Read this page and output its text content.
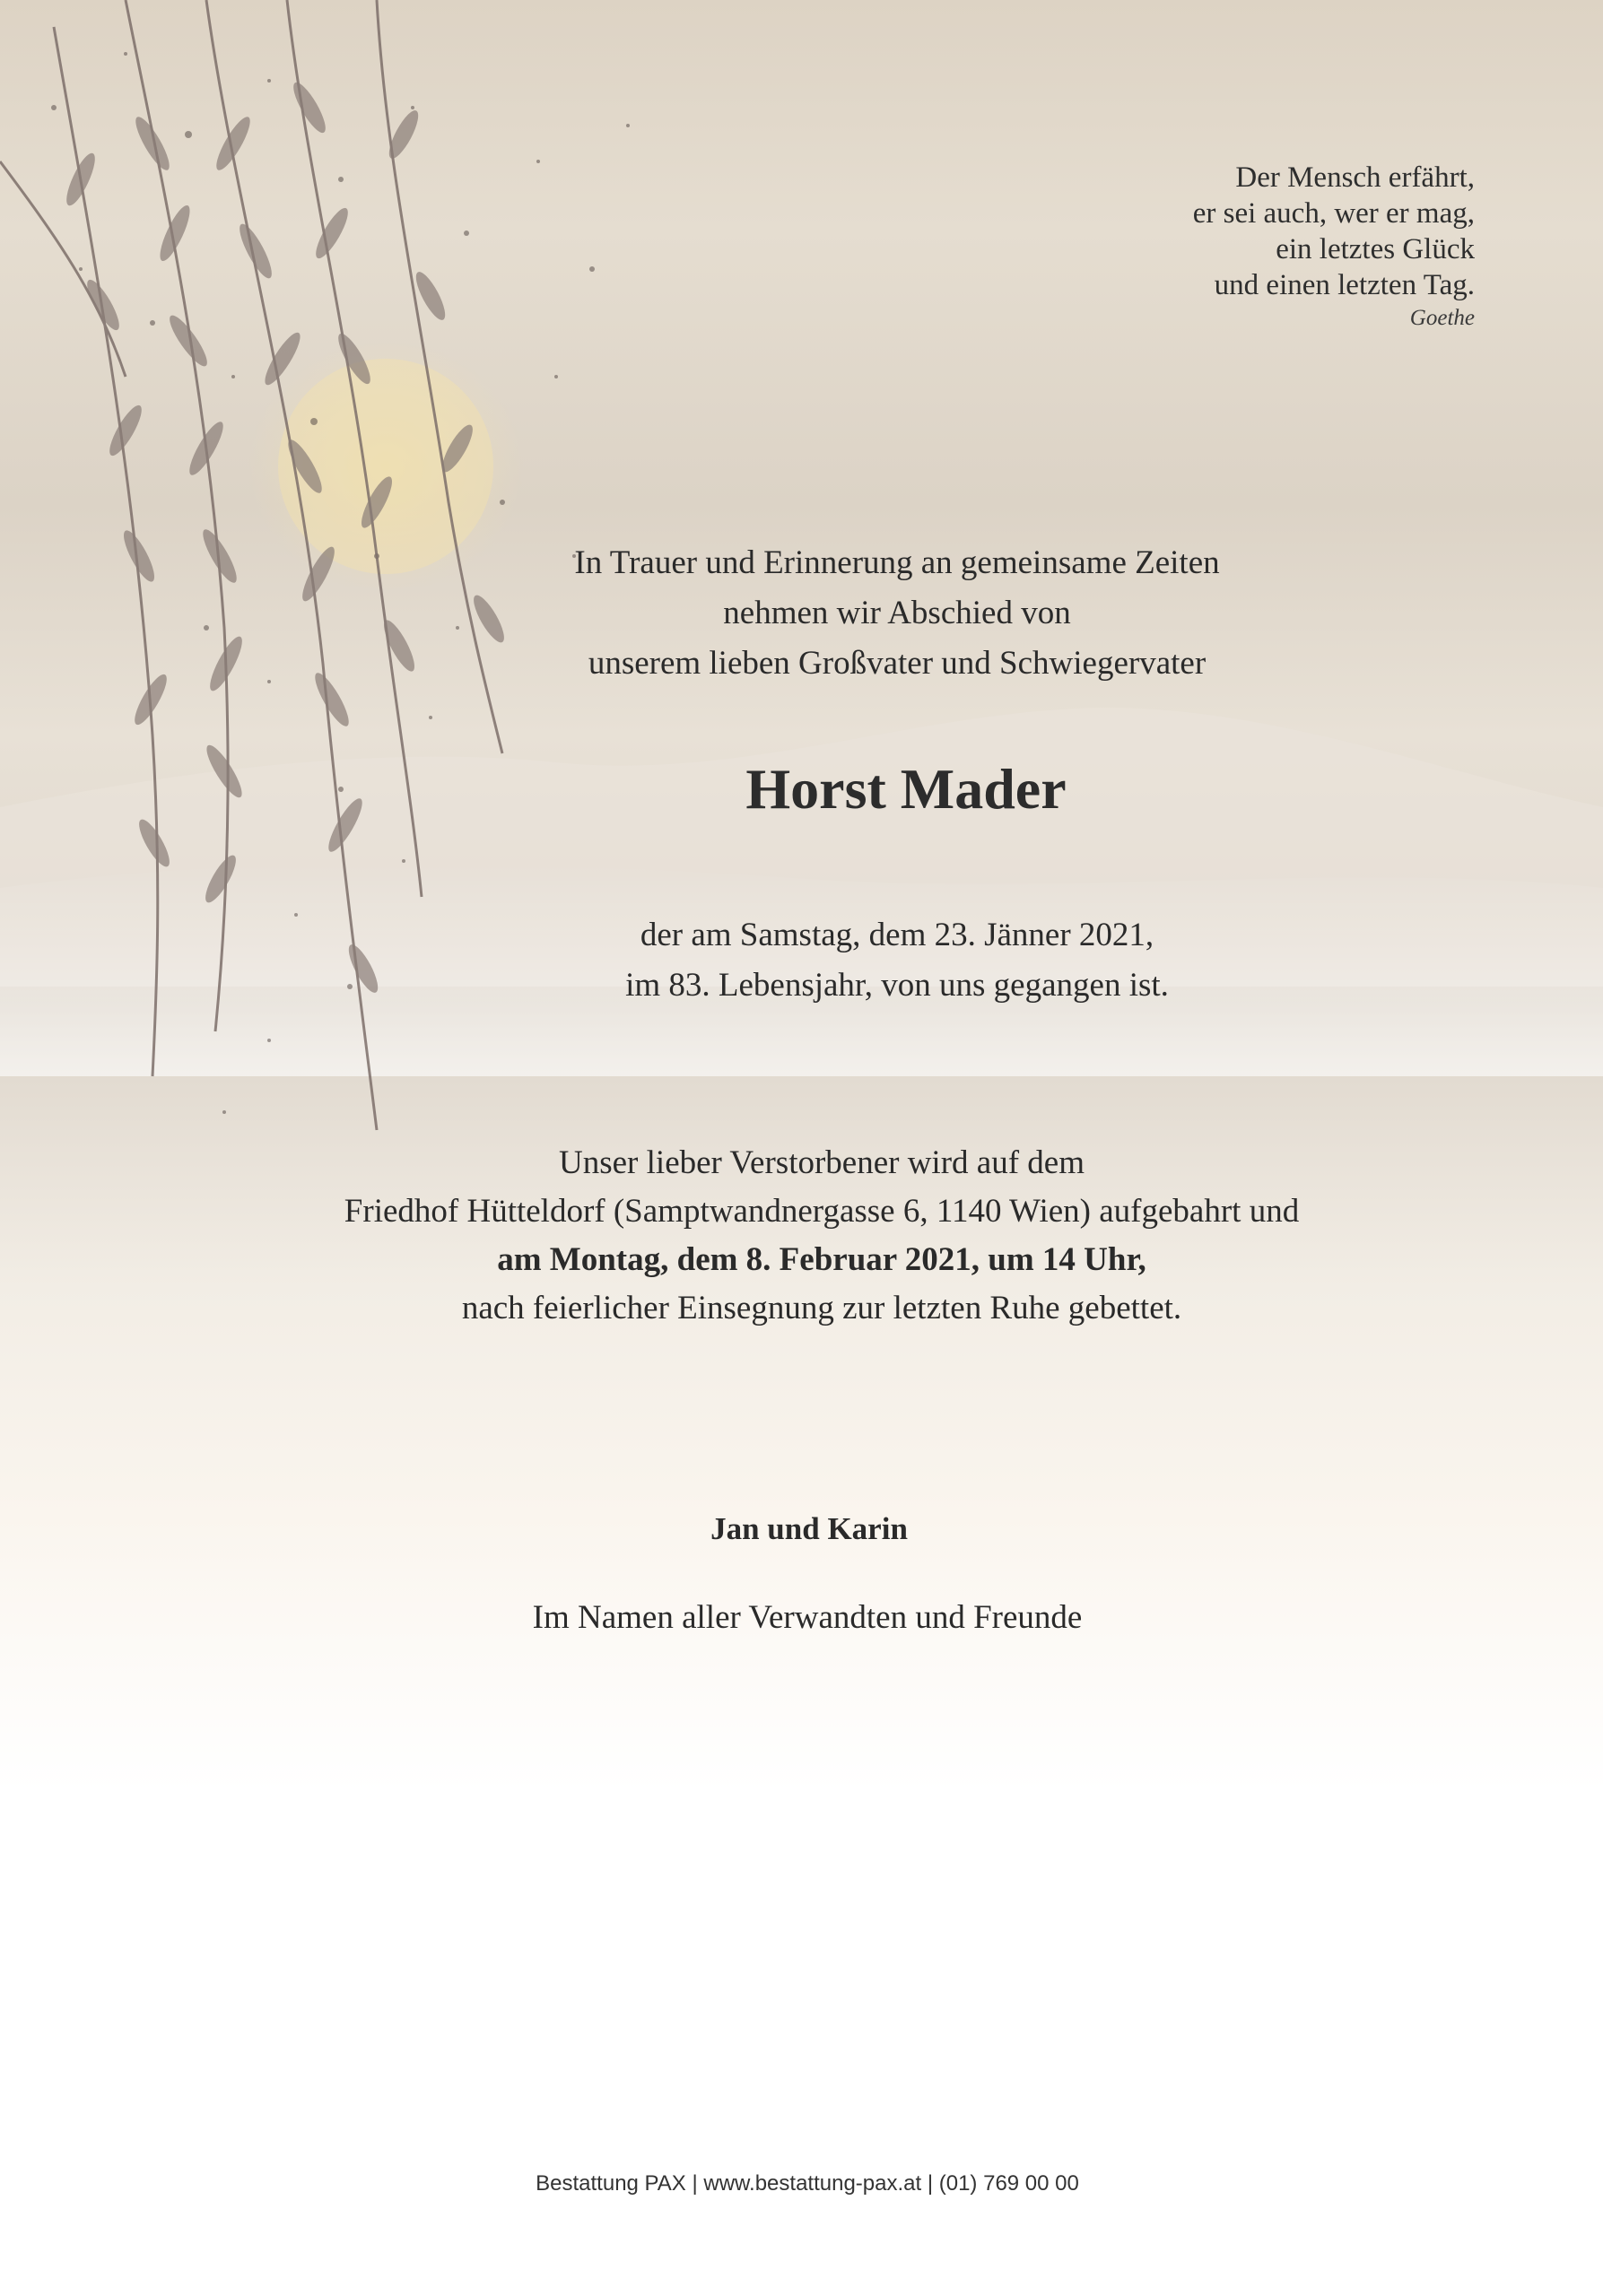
Der Mensch erfährt,
er sei auch, wer er mag,
ein letztes Glück
und einen letzten Tag.
Goethe
In Trauer und Erinnerung an gemeinsame Zeiten
nehmen wir Abschied von
unserem lieben Großvater und Schwiegervater
Horst Mader
der am Samstag, dem 23. Jänner 2021,
im 83. Lebensjahr, von uns gegangen ist.
Unser lieber Verstorbener wird auf dem
Friedhof Hütteldorf (Samptwandnergasse 6, 1140 Wien) aufgebahrt und
am Montag, dem 8. Februar 2021, um 14 Uhr,
nach feierlicher Einsegnung zur letzten Ruhe gebettet.
Jan und Karin
Im Namen aller Verwandten und Freunde
Bestattung PAX | www.bestattung-pax.at | (01) 769 00 00
